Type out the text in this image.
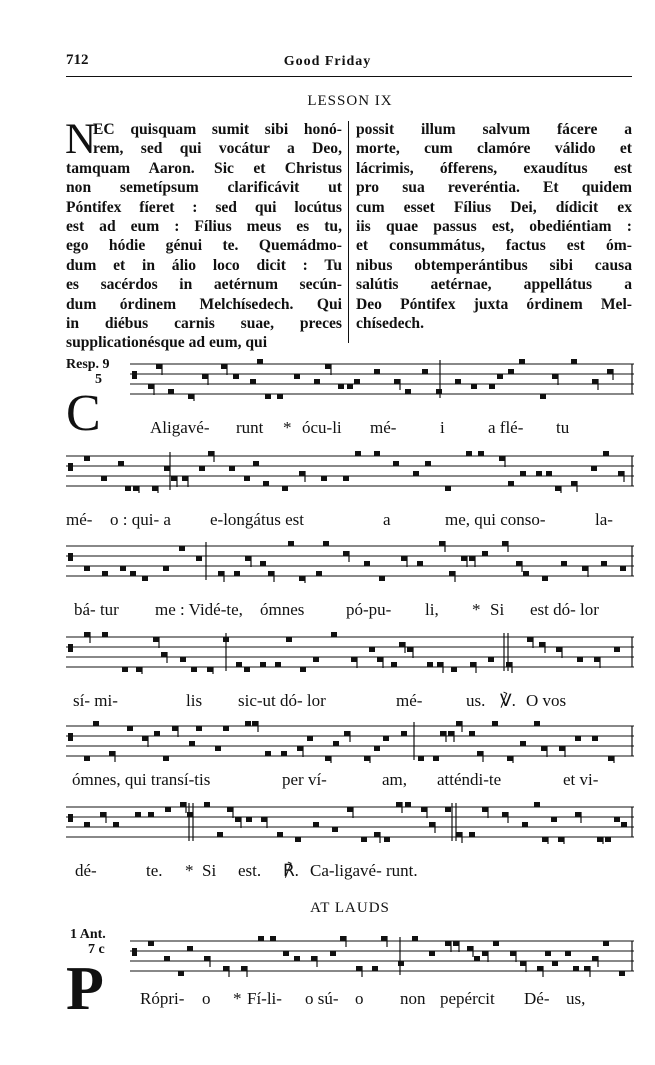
712	Good Friday
LESSON IX
N
EC quisquam sumit sibi honó-
rem, sed qui vocátur a Deo,
tamquam Aaron. Sic et Christus
non semetípsum clarificávit ut
Póntifex fíeret : sed qui locútus
est ad eum : Fílius meus es tu,
ego hódie génui te. Quemádmo-
dum et in álio loco dicit : Tu
es sacérdos in aetérnum secún-
dum órdinem Melchísedech. Qui
in diébus carnis suae, preces
supplicationésque ad eum, qui
possit illum salvum fácere a
morte, cum clamóre válido et
lácrimis, ófferens, exaudítus est
pro sua reveréntia. Et quidem
cum esset Fílius Dei, dídicit ex
iis quae passus est, obediéntiam :
et consummátus, factus est óm-
nibus obtemperántibus sibi causa
salútis aetérnae, appellátus a
Deo Póntifex juxta órdinem Mel-
chísedech.
Resp. 9
5
C	Aligavé- runt * ócu-li mé-	i	a flé- tu
mé- o : qui- a e-longátus est	a	me, qui conso-	la-
bá- tur me : Vidé-te, ómnes pó-pu- li, * Si est dó- lor
sí- mi-	lis sic-ut dó- lor	mé-	us. ℣. O vos
ómnes, qui transí-tis	per ví-	am, atténdi-te	et vi-
dé-	te. * Si est. ℟. Ca-ligavé- runt.
AT LAUDS
1 Ant.
7 c
P Rópri- o * Fí-li- o sú- o non pepércit Dé- us,
